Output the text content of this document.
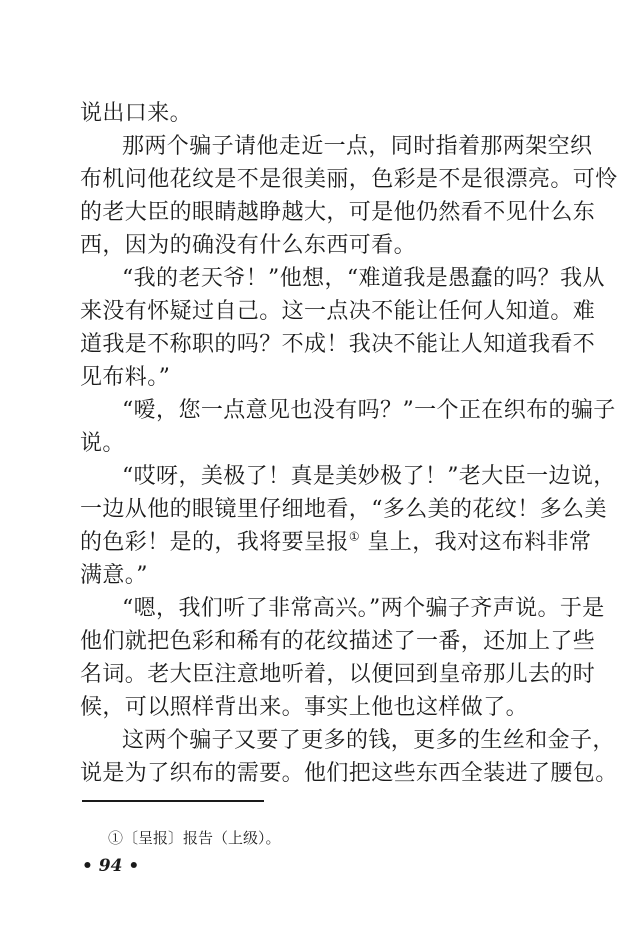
说出口来。
那两个骗子请他走近一点，同时指着那两架空织
布机问他花纹是不是很美丽，色彩是不是很漂亮。可怜
的老大臣的眼睛越睁越大，可是他仍然看不见什么东
西，因为的确没有什么东西可看。
“我的老天爷！”他想，“难道我是愚蠢的吗？我从
来没有怀疑过自己。这一点决不能让任何人知道。难
道我是不称职的吗？不成！我决不能让人知道我看不
见布料。”
“嗳，您一点意见也没有吗？”一个正在织布的骗子
说。
“哎呀，美极了！真是美妙极了！”老大臣一边说，
一边从他的眼镜里仔细地看，“多么美的花纹！多么美
的色彩！是的，我将要呈报① 皇上，我对这布料非常
满意。”
“嗯，我们听了非常高兴。”两个骗子齐声说。于是
他们就把色彩和稀有的花纹描述了一番，还加上了些
名词。老大臣注意地听着，以便回到皇帝那儿去的时
候，可以照样背出来。事实上他也这样做了。
这两个骗子又要了更多的钱，更多的生丝和金子，
说是为了织布的需要。他们把这些东西全装进了腰包。
①〔呈报〕报告（上级）。
• 94 •
